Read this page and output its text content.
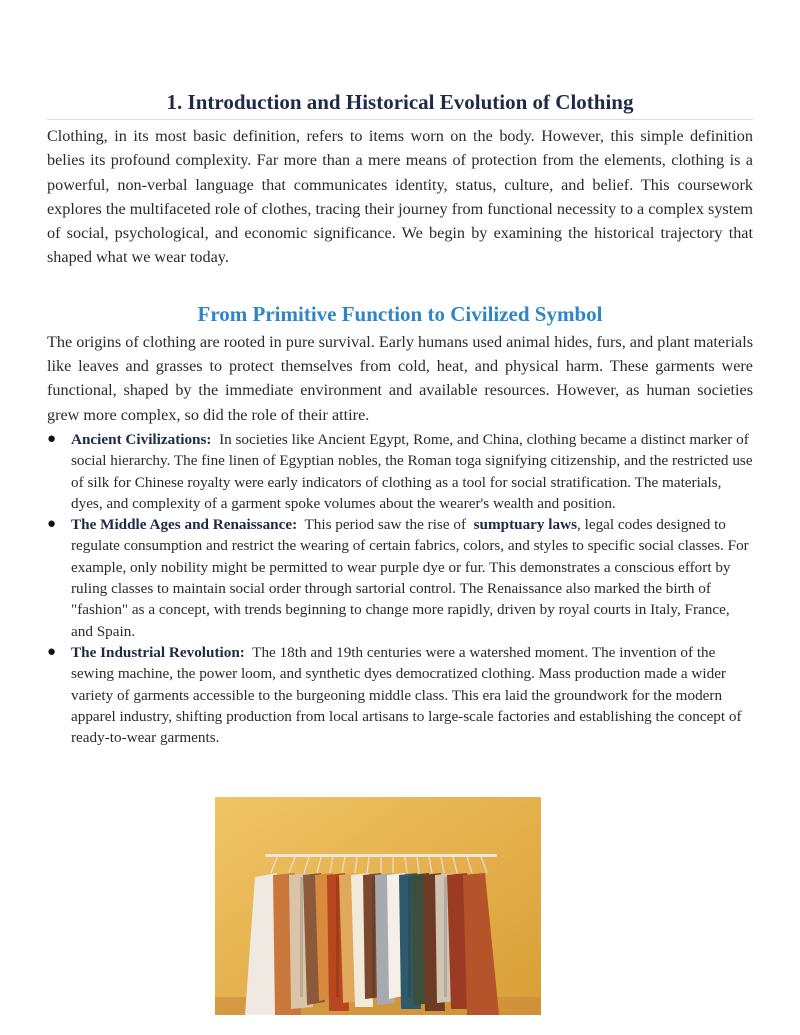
1. Introduction and Historical Evolution of Clothing

Clothing, in its most basic definition, refers to items worn on the body. However, this simple definition belies its profound complexity. Far more than a mere means of protection from the elements, clothing is a powerful, non-verbal language that communicates identity, status, culture, and belief. This coursework explores the multifaceted role of clothes, tracing their journey from functional necessity to a complex system of social, psychological, and economic significance. We begin by examining the historical trajectory that shaped what we wear today.

From Primitive Function to Civilized Symbol

The origins of clothing are rooted in pure survival. Early humans used animal hides, furs, and plant materials like leaves and grasses to protect themselves from cold, heat, and physical harm. These garments were functional, shaped by the immediate environment and available resources. However, as human societies grew more complex, so did the role of their attire.

● Ancient Civilizations: In societies like Ancient Egypt, Rome, and China, clothing became a distinct marker of social hierarchy. The fine linen of Egyptian nobles, the Roman toga signifying citizenship, and the restricted use of silk for Chinese royalty were early indicators of clothing as a tool for social stratification. The materials, dyes, and complexity of a garment spoke volumes about the wearer's wealth and position.
● The Middle Ages and Renaissance: This period saw the rise of sumptuary laws, legal codes designed to regulate consumption and restrict the wearing of certain fabrics, colors, and styles to specific social classes. For example, only nobility might be permitted to wear purple dye or fur. This demonstrates a conscious effort by ruling classes to maintain social order through sartorial control. The Renaissance also marked the birth of "fashion" as a concept, with trends beginning to change more rapidly, driven by royal courts in Italy, France, and Spain.
● The Industrial Revolution: The 18th and 19th centuries were a watershed moment. The invention of the sewing machine, the power loom, and synthetic dyes democratized clothing. Mass production made a wider variety of garments accessible to the burgeoning middle class. This era laid the groundwork for the modern apparel industry, shifting production from local artisans to large-scale factories and establishing the concept of ready-to-wear garments.
